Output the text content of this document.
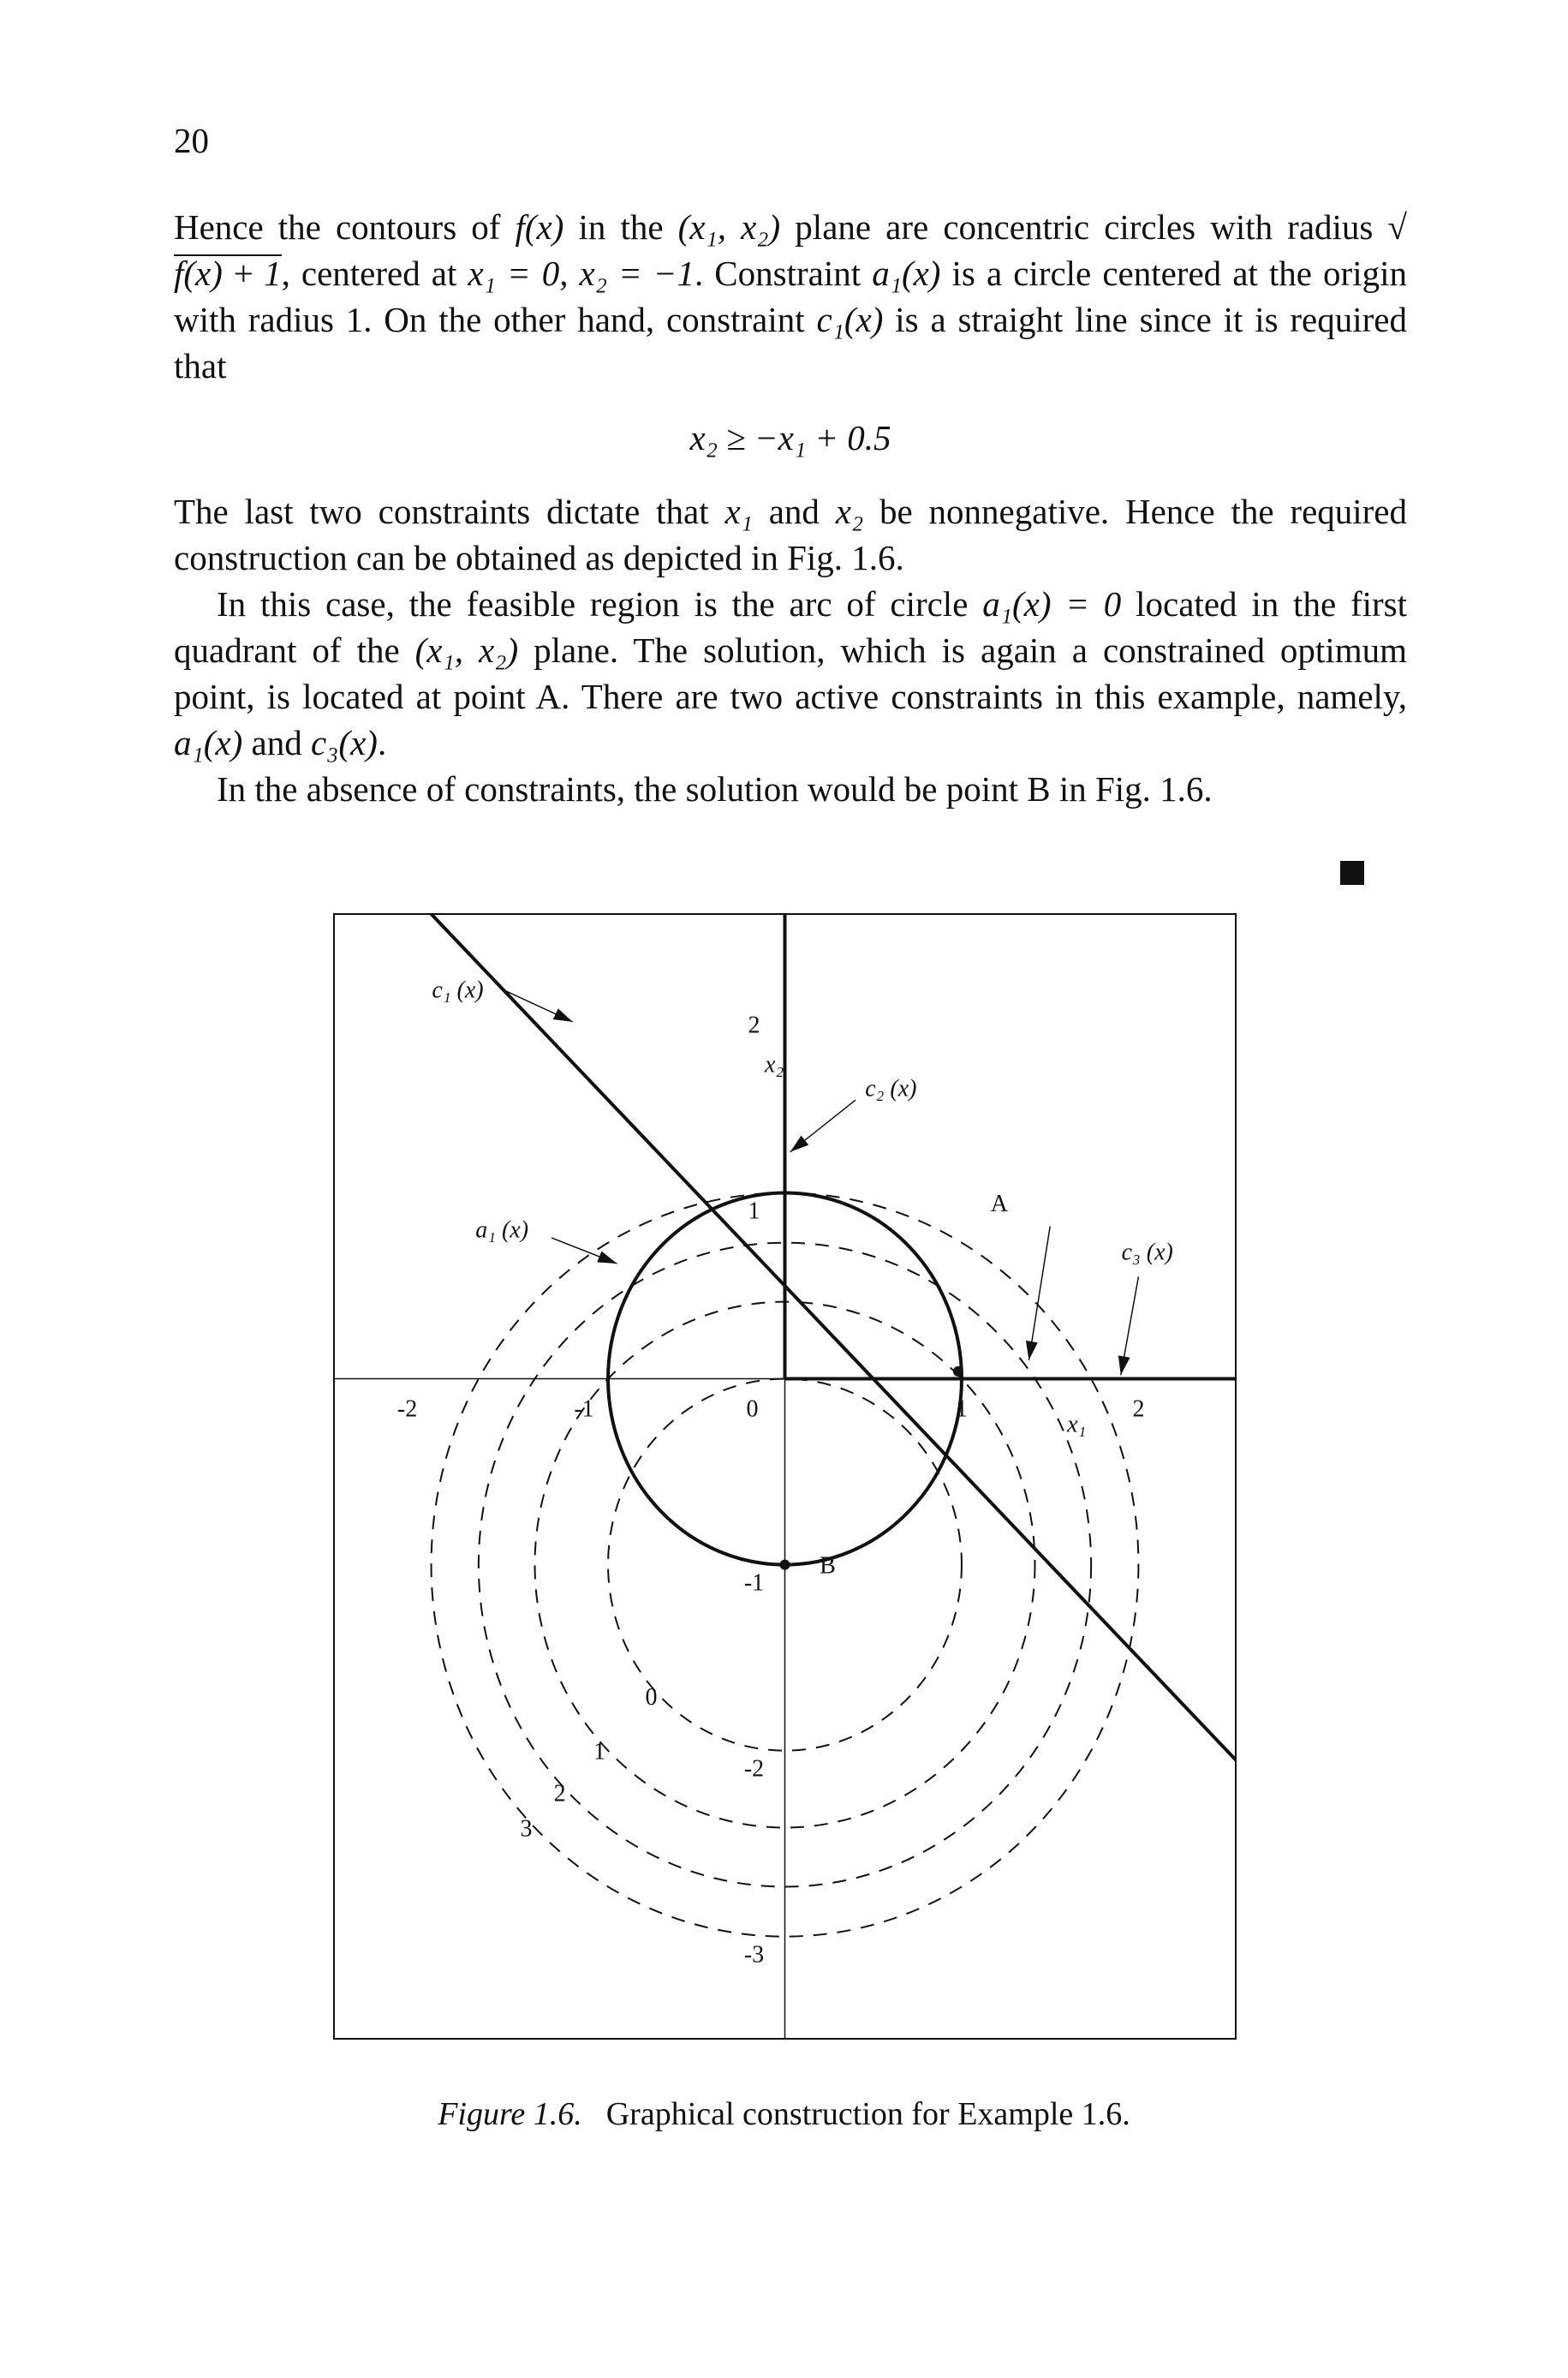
20

Hence the contours of f(x) in the (x₁, x₂) plane are concentric circles with radius √f(x) + 1, centered at x₁ = 0, x₂ = −1. Constraint a₁(x) is a circle centered at the origin with radius 1. On the other hand, constraint c₁(x) is a straight line since it is required that

x₂ ≥ −x₁ + 0.5

The last two constraints dictate that x₁ and x₂ be nonnegative. Hence the required construction can be obtained as depicted in Fig. 1.6.

In this case, the feasible region is the arc of circle a₁(x) = 0 located in the first quadrant of the (x₁, x₂) plane. The solution, which is again a constrained optimum point, is located at point A. There are two active constraints in this example, namely, a₁(x) and c₃(x).

In the absence of constraints, the solution would be point B in Fig. 1.6.

0
1
2
3
-2	-1	0	1	2
2
1
-1
-2
-3
x₁
x₂
A
B
c₁ (x)
c₂ (x)
a₁ (x)
c₃ (x)
Figure 1.6. Graphical construction for Example 1.6.
